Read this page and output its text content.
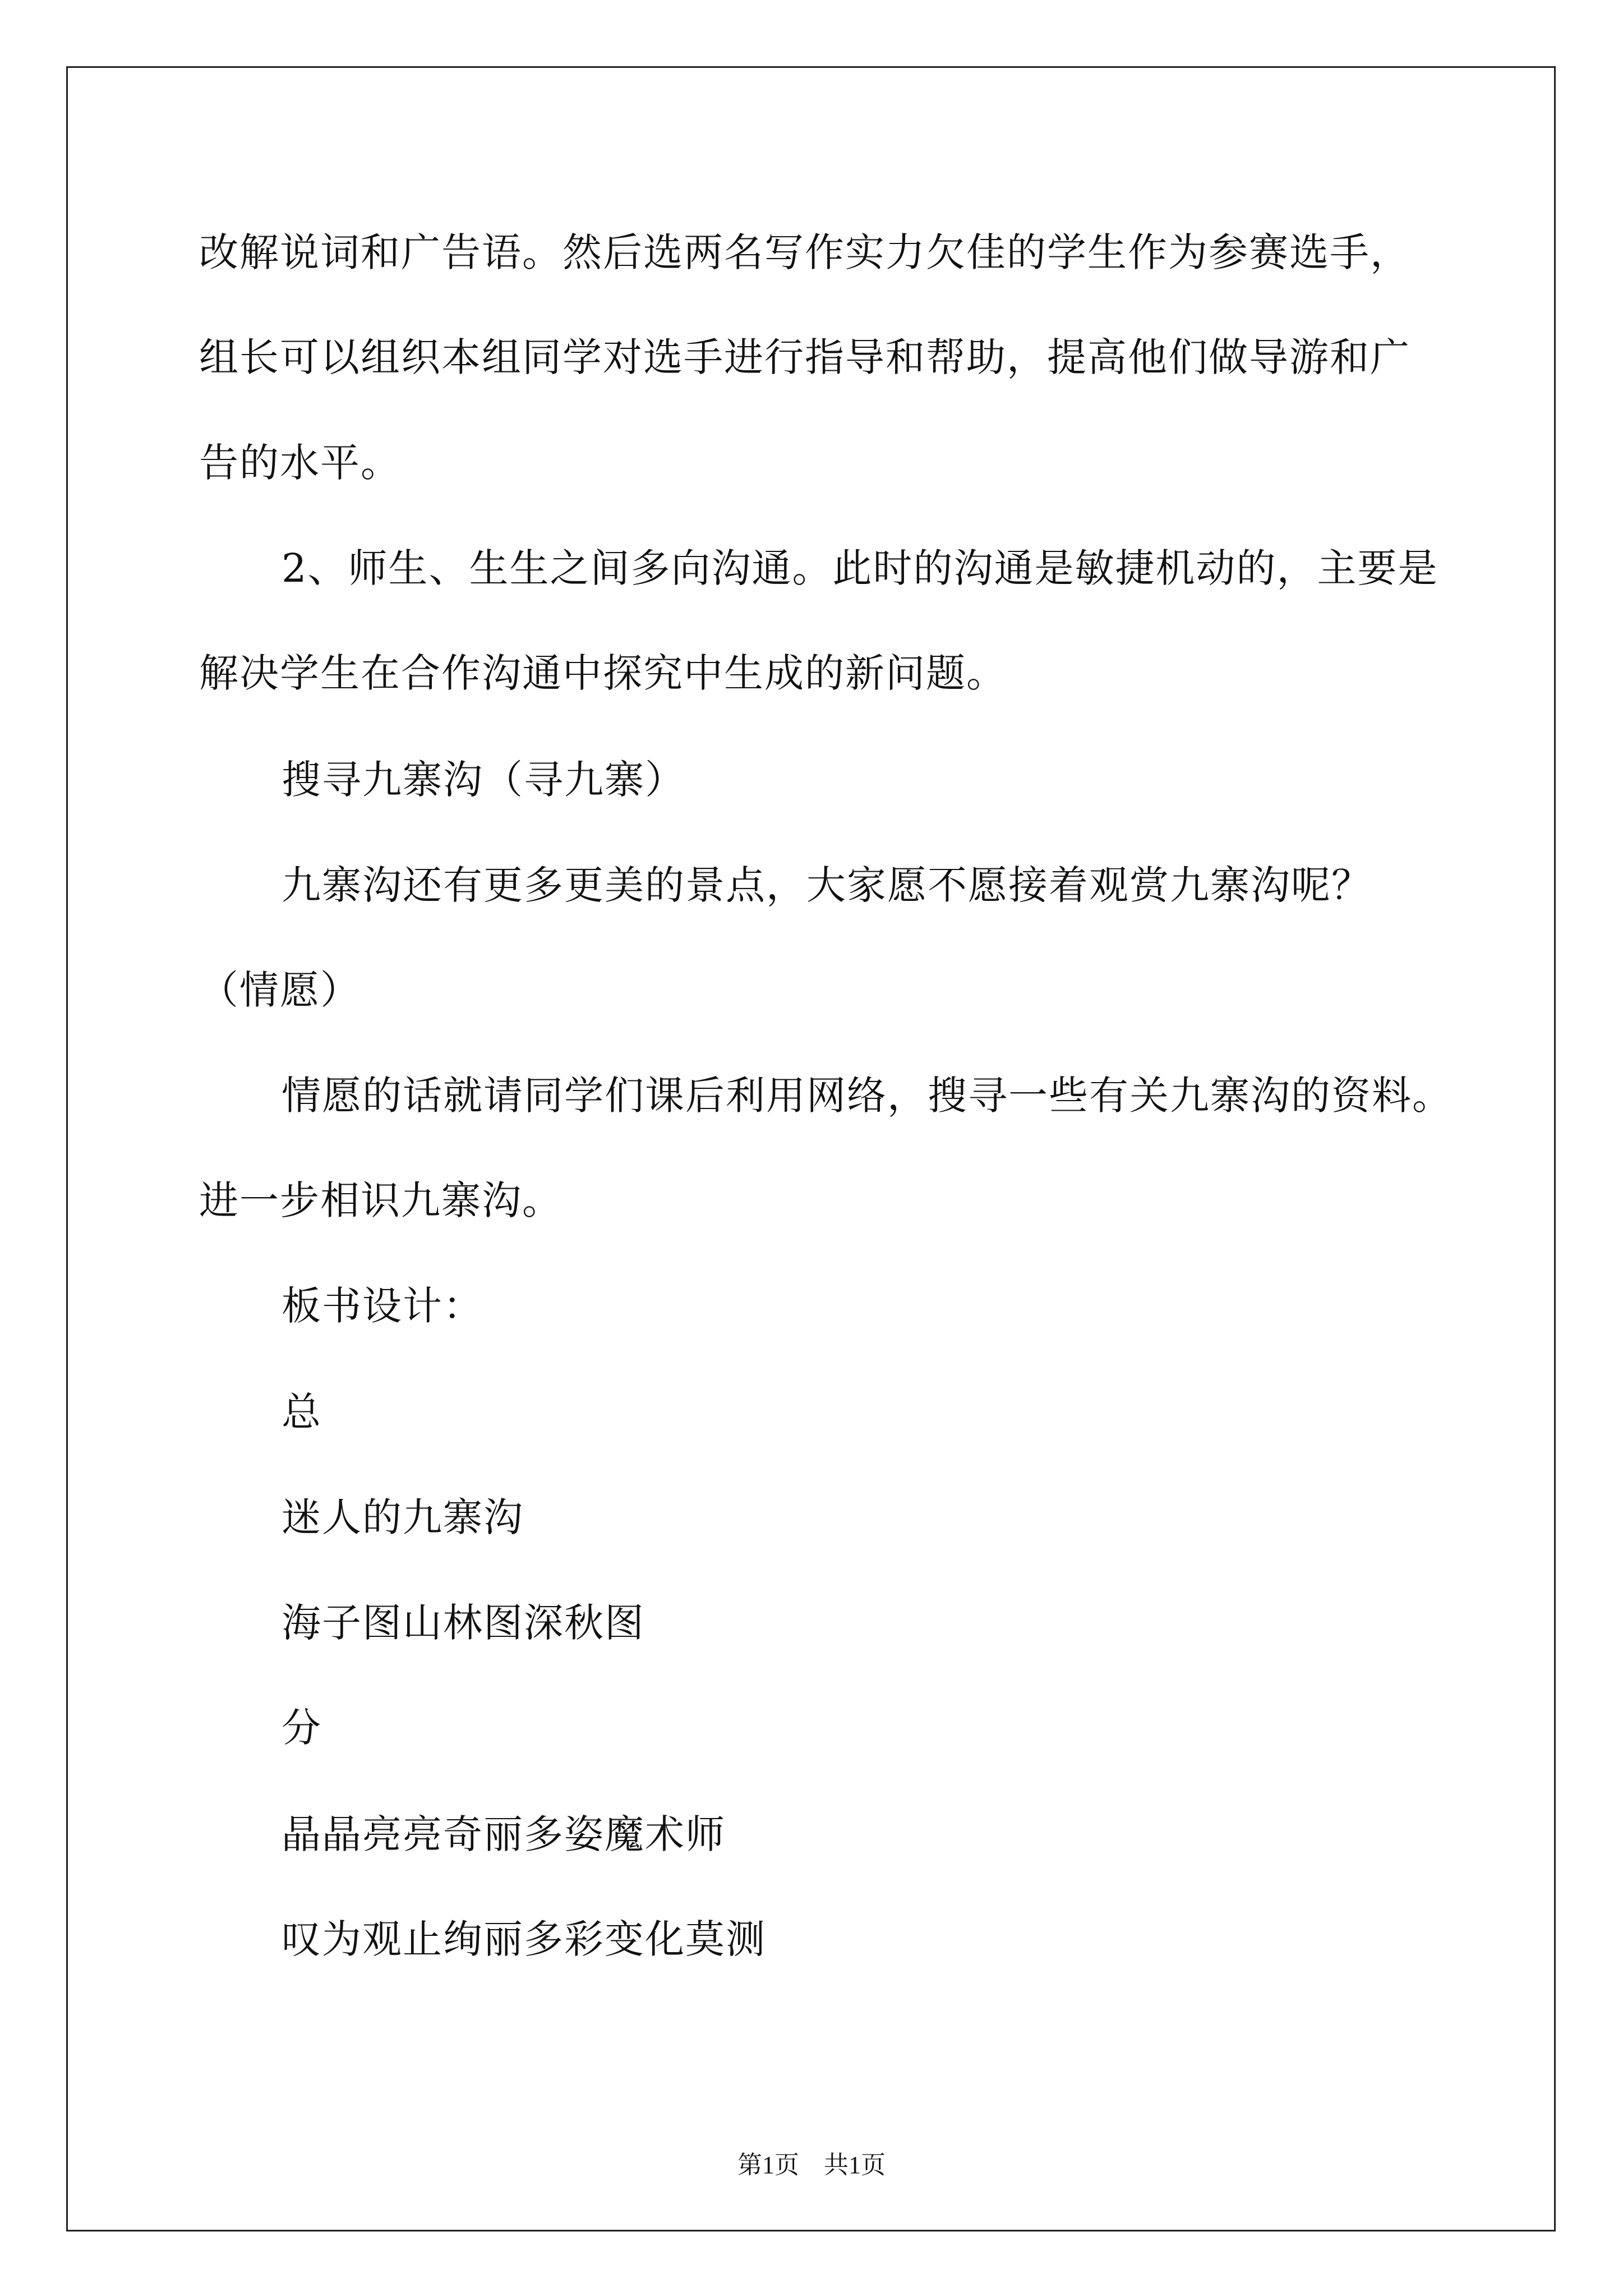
改解说词和广告语。然后选两名写作实力欠佳的学生作为参赛选手，
组长可以组织本组同学对选手进行指导和帮助，提高他们做导游和广
告的水平。
2、师生、生生之间多向沟通。此时的沟通是敏捷机动的，主要是
解决学生在合作沟通中探究中生成的新问题。
搜寻九寨沟（寻九寨）
九寨沟还有更多更美的景点，大家愿不愿接着观赏九寨沟呢？
（情愿）
情愿的话就请同学们课后利用网络，搜寻一些有关九寨沟的资料。
进一步相识九寨沟。
板书设计：
总
迷人的九寨沟
海子图山林图深秋图
分
晶晶亮亮奇丽多姿魔术师
叹为观止绚丽多彩变化莫测
第1页　共1页
